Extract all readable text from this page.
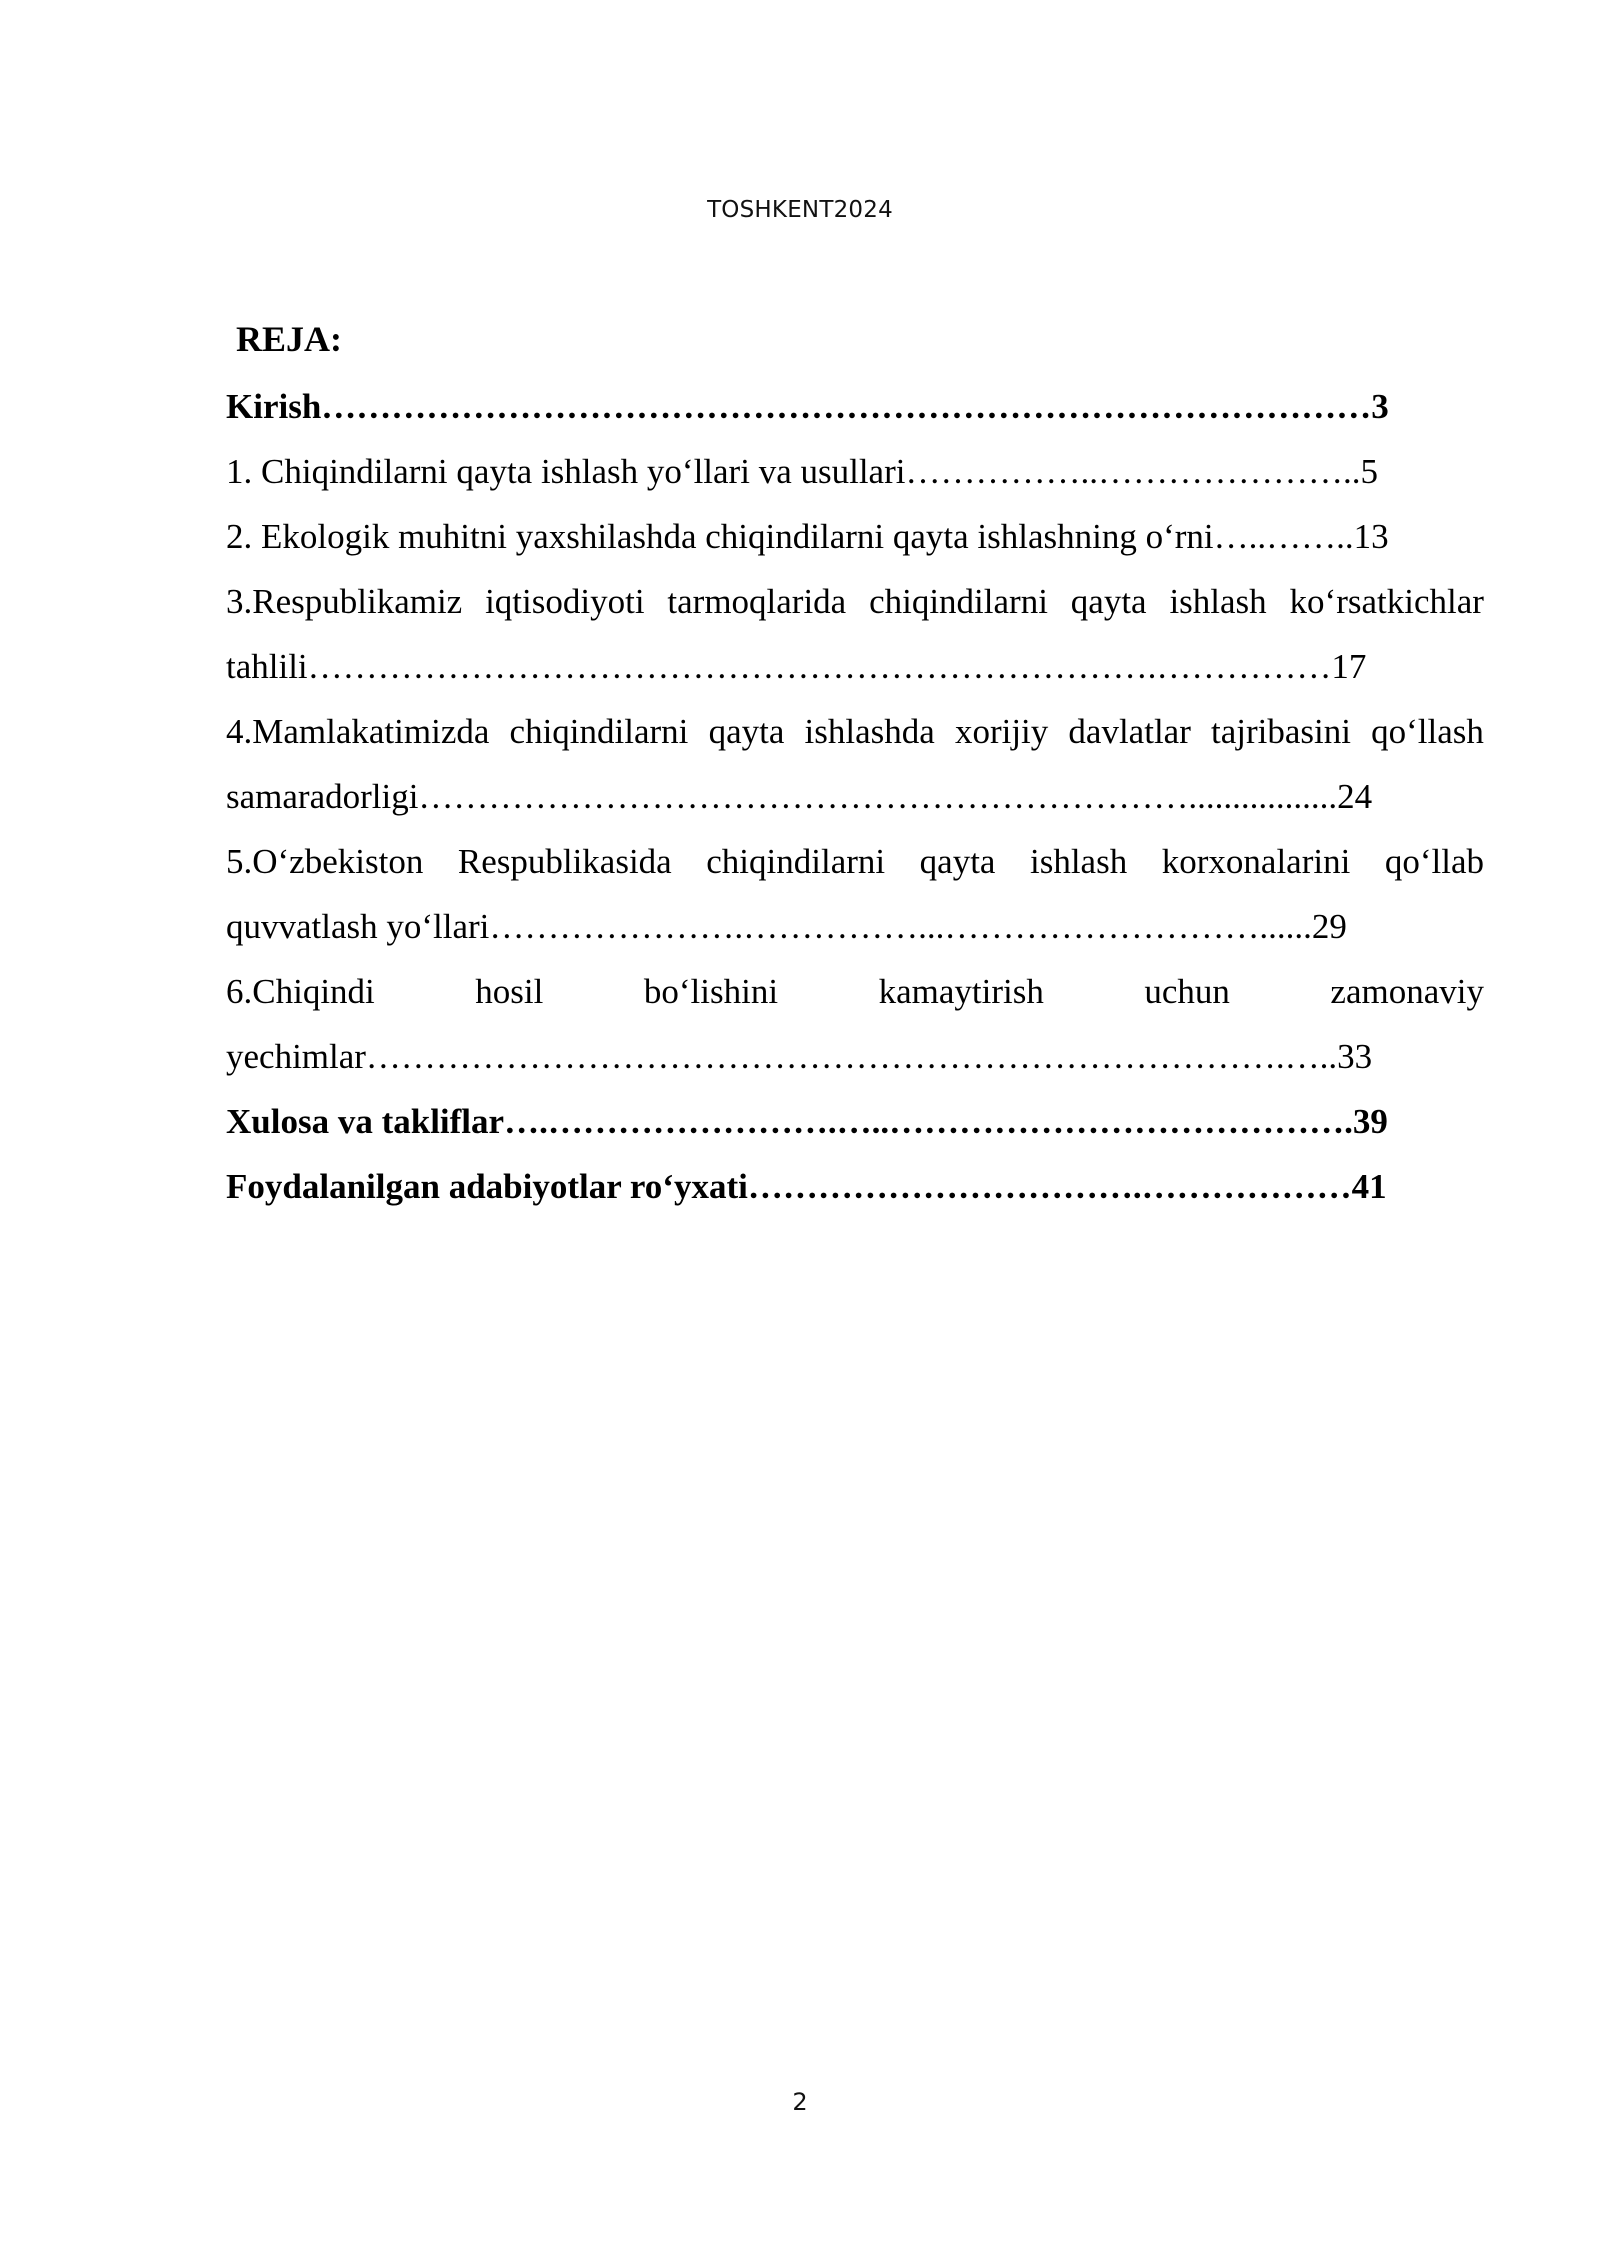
TOSHKENT2024
REJA:
Kirish………………………………………………………………………………3
1. Chiqindilarni qayta ishlash yo‘llari va usullari……………..…………………..5
2. Ekologik muhitni yaxshilashda chiqindilarni qayta ishlashning o‘rni…..……..13
3.Respublikamiz iqtisodiyoti tarmoqlarida chiqindilarni qayta ishlash ko‘rsatkichlar
tahlili……………………………………………………………….……………17
4.Mamlakatimizda chiqindilarni qayta ishlashda xorijiy davlatlar tajribasini qo‘llash
samaradorligi………………………………………………………….................24
5.O‘zbekiston Respublikasida chiqindilarni qayta ishlash korxonalarini qo‘llab
quvvatlash yo‘llari………………….……………...………………………......29
6.Chiqindi	hosil	bo‘lishini	kamaytirish	uchun	zamonaviy
yechimlar…………………………………………………………………….…..33
Xulosa va takliflar….…………………….…..………………………………….39
Foydalanilgan adabiyotlar ro‘yxati…………………………….………………41
2
